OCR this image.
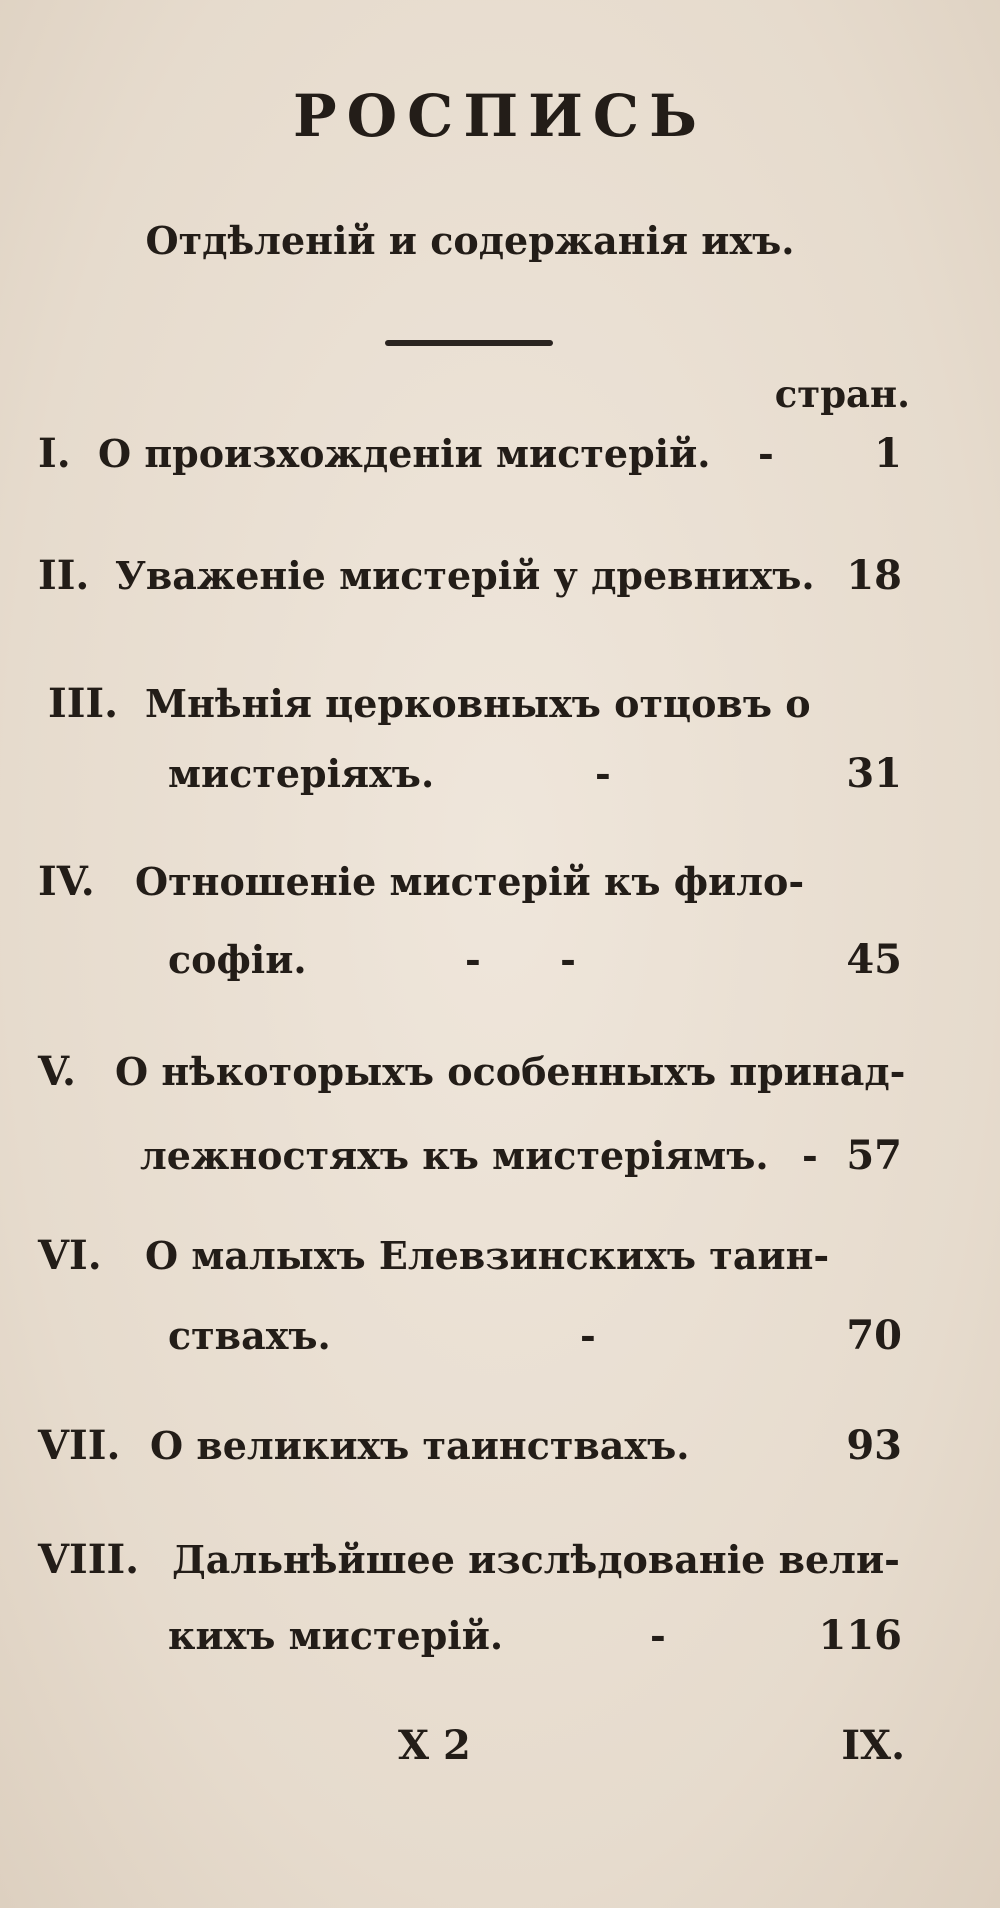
РОСПИСЬ
Отдѣленій и содержанія ихъ.
стран.
I. О произхожденіи мистерій. -	1
II. Уваженіе мистерій у древнихъ. 18
III. Мнѣнія церковныхъ отцовъ о
мистеріяхъ.	-	31
IV. Отношеніе мистерій къ фило-
софіи.	-      -	45
V. О нѣкоторыхъ особенныхъ принад-
лежностяхъ къ мистеріямъ. - 57
VI. О малыхъ Елевзинскихъ таин-
ствахъ.	-	70
VII. О великихъ таинствахъ.	93
VIII. Дальнѣйшее изслѣдованіе вели-
кихъ мистерій.	-	116
Х 2	IX.
